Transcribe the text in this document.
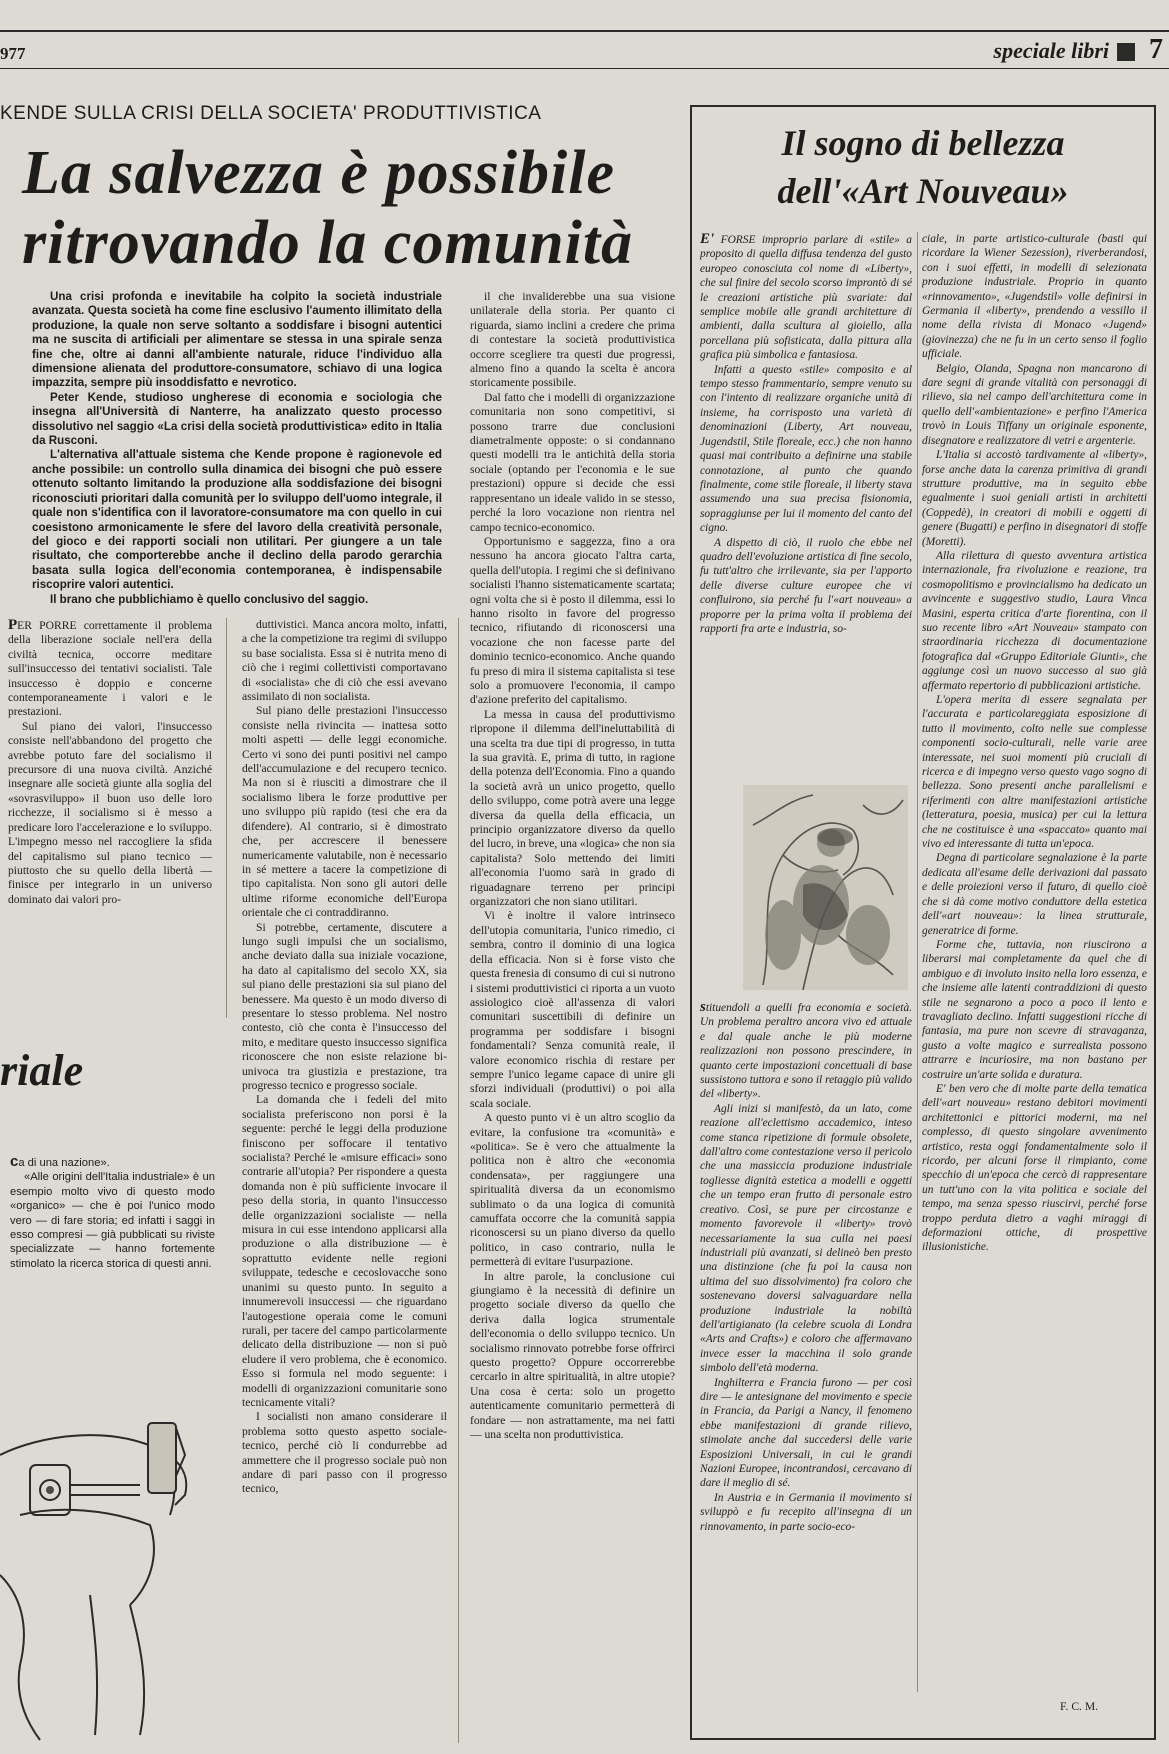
977	speciale libri 7
KENDE SULLA CRISI DELLA SOCIETA' PRODUTTIVISTICA
La salvezza è possibile
ritrovando la comunità

Una crisi profonda e inevitabile ha colpito la società industriale avanzata. Questa società ha come fine esclusivo l'aumento illimitato della produzione, la quale non serve soltanto a soddisfare i bisogni autentici ma ne suscita di artificiali per alimentare se stessa in una spirale senza fine che, oltre ai danni all'ambiente naturale, riduce l'individuo alla dimensione alienata del produttore-consumatore, schiavo di una logica impazzita, sempre più insoddisfatto e nevrotico.

Peter Kende, studioso ungherese di economia e sociologia che insegna all'Università di Nanterre, ha analizzato questo processo dissolutivo nel saggio «La crisi della società produttivistica» edito in Italia da Rusconi.

L'alternativa all'attuale sistema che Kende propone è ragionevole ed anche possibile: un controllo sulla dinamica dei bisogni che può essere ottenuto soltanto limitando la produzione alla soddisfazione dei bisogni riconosciuti prioritari dalla comunità per lo sviluppo dell'uomo integrale, il quale non s'identifica con il lavoratore-consumatore ma con quello in cui coesistono armonicamente le sfere del lavoro della creatività personale, del gioco e dei rapporti sociali non utilitari. Per giungere a un tale risultato, che comporterebbe anche il declino della parodo gerarchia basata sulla logica dell'economia contemporanea, è indispensabile riscoprire valori autentici.

Il brano che pubblichiamo è quello conclusivo del saggio.

PER PORRE correttamente il problema della liberazione sociale nell'era della civiltà tecnica, occorre meditare sull'insuccesso dei tentativi socialisti. Tale insuccesso è doppio e concerne contemporaneamente i valori e le prestazioni.

Sul piano dei valori, l'insuccesso consiste nell'abbandono del progetto che avrebbe potuto fare del socialismo il precursore di una nuova civiltà. Anziché insegnare alle società giunte alla soglia del «sovrasviluppo» il buon uso delle loro ricchezze, il socialismo si è messo a predicare loro l'accelerazione e lo sviluppo. L'impegno messo nel raccogliere la sfida del capitalismo sul piano tecnico — piuttosto che su quello della libertà — finisce per integrarlo in un universo dominato dai valori pro-

duttivistici. Manca ancora molto, infatti, a che la competizione tra regimi di sviluppo su base socialista. Essa si è nutrita meno di ciò che i regimi collettivisti comportavano di «socialista» che di ciò che essi avevano assimilato di non socialista.

Sul piano delle prestazioni l'insuccesso consiste nella rivincita — inattesa sotto molti aspetti — delle leggi economiche. Certo vi sono dei punti positivi nel campo dell'accumulazione e del recupero tecnico. Ma non si è riusciti a dimostrare che il socialismo libera le forze produttive per uno sviluppo più rapido (tesi che era da difendere). Al contrario, si è dimostrato che, per accrescere il benessere numericamente valutabile, non è necessario in sé mettere a tacere la competizione di tipo capitalista. Non sono gli autori delle ultime riforme economiche dell'Europa orientale che ci contraddiranno.

Si potrebbe, certamente, discutere a lungo sugli impulsi che un socialismo, anche deviato dalla sua iniziale vocazione, ha dato al capitalismo del secolo XX, sia sul piano delle prestazioni sia sul piano del benessere. Ma questo è un modo diverso di presentare lo stesso problema. Nel nostro contesto, ciò che conta è l'insuccesso del mito, e meditare questo insuccesso significa riconoscere che non esiste relazione bi-univoca tra giustizia e prestazione, tra progresso tecnico e progresso sociale.

La domanda che i fedeli del mito socialista preferiscono non porsi è la seguente: perché le leggi della produzione finiscono per soffocare il tentativo socialista? Perché le «misure efficaci» sono contrarie all'utopia? Per rispondere a questa domanda non è più sufficiente invocare il peso della storia, in quanto l'insuccesso delle organizzazioni socialiste — nella misura in cui esse intendono applicarsi alla produzione o alla distribuzione — è soprattutto evidente nelle regioni sviluppate, tedesche e cecoslovacche sono unanimi su questo punto. In seguito a innumerevoli insuccessi — che riguardano l'autogestione operaia come le comuni rurali, per tacere del campo particolarmente delicato della distribuzione — non si può eludere il vero problema, che è economico. Esso si formula nel modo seguente: i modelli di organizzazioni comunitarie sono tecnicamente vitali?

I socialisti non amano considerare il problema sotto questo aspetto sociale-tecnico, perché ciò li condurrebbe ad ammettere che il progresso sociale può non andare di pari passo con il progresso tecnico,

il che invaliderebbe una sua visione unilaterale della storia. Per quanto ci riguarda, siamo inclini a credere che prima di contestare la società produttivistica occorre scegliere tra questi due progressi, almeno fino a quando la scelta è ancora storicamente possibile.

Dal fatto che i modelli di organizzazione comunitaria non sono competitivi, si possono trarre due conclusioni diametralmente opposte: o si condannano questi modelli tra le antichità della storia sociale (optando per l'economia e le sue prestazioni) oppure si decide che essi rappresentano un ideale valido in se stesso, perché la loro vocazione non rientra nel campo tecnico-economico.

Opportunismo e saggezza, fino a ora nessuno ha ancora giocato l'altra carta, quella dell'utopia. I regimi che si definivano socialisti l'hanno sistematicamente scartata; ogni volta che si è posto il dilemma, essi lo hanno risolto in favore del progresso tecnico, rifiutando di riconoscersi una vocazione che non facesse parte del dominio tecnico-economico. Anche quando fu preso di mira il sistema capitalista si tese solo a promuovere l'economia, il campo d'azione preferito del capitalismo.

La messa in causa del produttivismo ripropone il dilemma dell'ineluttabilità di una scelta tra due tipi di progresso, in tutta la sua gravità. E, prima di tutto, in ragione della potenza dell'Economia. Fino a quando la società avrà un unico progetto, quello dello sviluppo, come potrà avere una legge diversa da quella della efficacia, un principio organizzatore diverso da quello del lucro, in breve, una «logica» che non sia capitalista? Solo mettendo dei limiti all'economia l'uomo sarà in grado di riguadagnare terreno per principi organizzatori che non siano utilitari.

Vi è inoltre il valore intrinseco dell'utopia comunitaria, l'unico rimedio, ci sembra, contro il dominio di una logica della efficacia. Non si è forse visto che questa frenesia di consumo di cui si nutrono i sistemi produttivistici ci riporta a un vuoto assiologico cioè all'assenza di valori comunitari suscettibili di definire un programma per soddisfare i bisogni fondamentali? Senza comunità reale, il valore economico rischia di restare per sempre l'unico legame capace di unire gli sforzi individuali (produttivi) o poi alla scala sociale.

A questo punto vi è un altro scoglio da evitare, la confusione tra «comunità» e «politica». Se è vero che attualmente la politica non è altro che «economia condensata», per raggiungere una spiritualità diversa da un economismo sublimato o da una logica di comunità camuffata occorre che la comunità sappia riconoscersi su un piano diverso da quello politico, in caso contrario, nulla le permetterà di evitare l'usurpazione.

In altre parole, la conclusione cui giungiamo è la necessità di definire un progetto sociale diverso da quello che deriva dalla logica strumentale dell'economia o dello sviluppo tecnico. Un socialismo rinnovato potrebbe forse offrirci questo progetto? Oppure occorrerebbe cercarlo in altre spiritualità, in altre utopie? Una cosa è certa: solo un progetto autenticamente comunitario permetterà di fondare — non astrattamente, ma nei fatti — una scelta non produttivistica.

riale

ca di una nazione».

«Alle origini dell'Italia industriale» è un esempio molto vivo di questo modo «organico» — che è poi l'unico modo vero — di fare storia; ed infatti i saggi in esso compresi — già pubblicati su riviste specializzate — hanno fortemente stimolato la ricerca storica di questi anni.

Il sogno di bellezza
dell'«Art Nouveau»

E' FORSE improprio parlare di «stile» a proposito di quella diffusa tendenza del gusto europeo conosciuta col nome di «Liberty», che sul finire del secolo scorso improntò di sé le creazioni artistiche più svariate: dal semplice mobile alle grandi architetture di ambienti, dalla scultura al gioiello, alla porcellana più sofisticata, dalla pittura alla grafica più simbolica e fantasiosa.

Infatti a questo «stile» composito e al tempo stesso frammentario, sempre venuto su con l'intento di realizzare organiche unità di insieme, ha corrisposto una varietà di denominazioni (Liberty, Art nouveau, Jugendstil, Stile floreale, ecc.) che non hanno quasi mai contribuito a definirne una stabile connotazione, al punto che quando finalmente, come stile floreale, il liberty stava assumendo una sua precisa fisionomia, sopraggiunse per lui il momento del canto del cigno.

A dispetto di ciò, il ruolo che ebbe nel quadro dell'evoluzione artistica di fine secolo, fu tutt'altro che irrilevante, sia per l'apporto delle diverse culture europee che vi confluirono, sia perché fu l'«art nouveau» a proporre per la prima volta il problema dei rapporti fra arte e industria, so-

stituendoli a quelli fra economia e società. Un problema peraltro ancora vivo ed attuale e dal quale anche le più moderne realizzazioni non possono prescindere, in quanto certe impostazioni concettuali di base sussistono tuttora e sono il retaggio più valido del «liberty».

Agli inizi si manifestò, da un lato, come reazione all'eclettismo accademico, inteso come stanca ripetizione di formule obsolete, dall'altro come contestazione verso il pericolo che una massiccia produzione industriale togliesse dignità estetica a modelli e oggetti che un tempo eran frutto di personale estro creativo. Così, se pure per circostanze e momento favorevole il «liberty» trovò necessariamente la sua culla nei paesi industriali più avanzati, si delineò ben presto una distinzione (che fu poi la causa non ultima del suo dissolvimento) fra coloro che sostenevano doversi salvaguardare nella produzione industriale la nobiltà dell'artigianato (la celebre scuola di Londra «Arts and Crafts») e coloro che affermavano invece esser la macchina il solo grande simbolo dell'età moderna.

Inghilterra e Francia furono — per così dire — le antesignane del movimento e specie in Francia, da Parigi a Nancy, il fenomeno ebbe manifestazioni di grande rilievo, stimolate anche dal succedersi delle varie Esposizioni Universali, in cui le grandi Nazioni Europee, incontrandosi, cercavano di dare il meglio di sé.

In Austria e in Germania il movimento si sviluppò e fu recepito all'insegna di un rinnovamento, in parte socio-eco-

ciale, in parte artistico-culturale (basti qui ricordare la Wiener Sezession), riverberandosi, con i suoi effetti, in modelli di selezionata produzione industriale. Proprio in quanto «rinnovamento», «Jugendstil» volle definirsi in Germania il «liberty», prendendo a vessillo il nome della rivista di Monaco «Jugend» (giovinezza) che ne fu in un certo senso il foglio ufficiale.

Belgio, Olanda, Spagna non mancarono di dare segni di grande vitalità con personaggi di rilievo, sia nel campo dell'architettura come in quello dell'«ambientazione» e perfino l'America trovò in Louis Tiffany un originale esponente, disegnatore e realizzatore di vetri e argenterie.

L'Italia si accostò tardivamente al «liberty», forse anche data la carenza primitiva di grandi strutture produttive, ma in seguito ebbe egualmente i suoi geniali artisti in architetti (Coppedè), in creatori di mobili e oggetti di genere (Bugatti) e perfino in disegnatori di stoffe (Moretti).

Alla rilettura di questo avventura artistica internazionale, fra rivoluzione e reazione, tra cosmopolitismo e provincialismo ha dedicato un avvincente e suggestivo studio, Laura Vinca Masini, esperta critica d'arte fiorentina, con il suo recente libro «Art Nouveau» stampato con straordinaria ricchezza di documentazione fotografica dal «Gruppo Editoriale Giunti», che aggiunge così un nuovo successo al suo già affermato repertorio di pubblicazioni artistiche.

L'opera merita di essere segnalata per l'accurata e particolareggiata esposizione di tutto il movimento, colto nelle sue complesse componenti socio-culturali, nelle varie aree interessate, nei suoi momenti più cruciali di ricerca e di impegno verso questo vago sogno di bellezza. Sono presenti anche parallelismi e riferimenti con altre manifestazioni artistiche (letteratura, poesia, musica) per cui la lettura che ne costituisce è una «spaccato» quanto mai vivo ed interessante di tutta un'epoca.

Degna di particolare segnalazione è la parte dedicata all'esame delle derivazioni dal passato e delle proiezioni verso il futuro, di quello cioè che si dà come motivo conduttore della estetica dell'«art nouveau»: la linea strutturale, generatrice di forme.

Forme che, tuttavia, non riuscirono a liberarsi mai completamente da quel che di ambiguo e di involuto insito nella loro essenza, e che insieme alle latenti contraddizioni di questo stile ne segnarono a poco a poco il lento e travagliato declino. Infatti suggestioni ricche di fantasia, ma pure non scevre di stravaganza, gusto a volte magico e surrealista possono attrarre e incuriosire, ma non bastano per costruire un'arte solida e duratura.

E' ben vero che di molte parte della tematica dell'«art nouveau» restano debitori movimenti architettonici e pittorici moderni, ma nel complesso, di questo singolare avvenimento artistico, resta oggi fondamentalmente solo il ricordo, per alcuni forse il rimpianto, come specchio di un'epoca che cercò di rappresentare un tutt'uno con la vita politica e sociale del tempo, ma senza spesso riuscirvi, perché forse troppo perduta dietro a vaghi miraggi di deformazioni ottiche, di prospettive illusionistiche.

F. C. M.
